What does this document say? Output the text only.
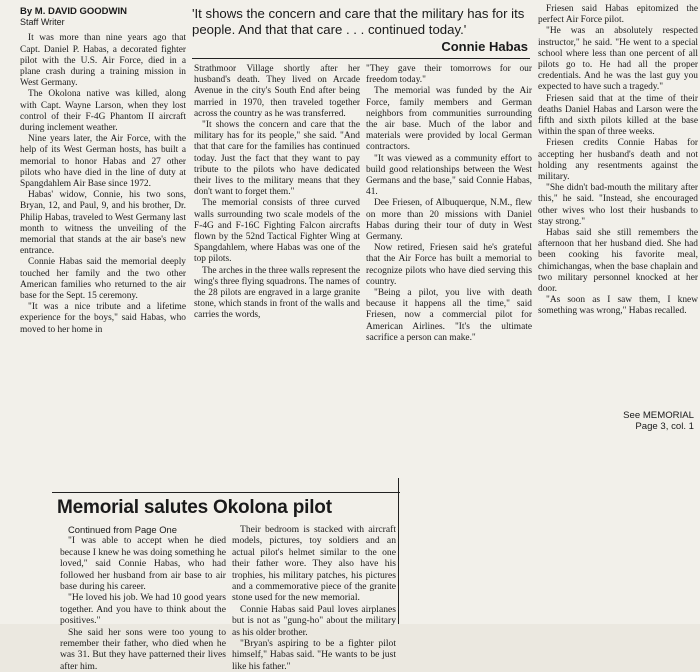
By M. DAVID GOODWIN

Staff Writer

It was more than nine years ago that Capt. Daniel P. Habas, a decorated fighter pilot with the U.S. Air Force, died in a plane crash during a training mission in West Germany.

The Okolona native was killed, along with Capt. Wayne Larson, when they lost control of their F-4G Phantom II aircraft during inclement weather.

Nine years later, the Air Force, with the help of its West German hosts, has built a memorial to honor Habas and 27 other pilots who have died in the line of duty at Spangdahlem Air Base since 1972.

Habas' widow, Connie, his two sons, Bryan, 12, and Paul, 9, and his brother, Dr. Philip Habas, traveled to West Germany last month to witness the unveiling of the memorial that stands at the air base's new entrance.

Connie Habas said the memorial deeply touched her family and the two other American families who returned to the air base for the Sept. 15 ceremony.

"It was a nice tribute and a lifetime experience for the boys," said Habas, who moved to her home in

'It shows the concern and care that the military has for its people. And that that care . . . continued today.'

Connie Habas

Strathmoor Village shortly after her husband's death. They lived on Arcade Avenue in the city's South End after being married in 1970, then traveled together across the country as he was transferred.

"It shows the concern and care that the military has for its people," she said. "And that that care for the families has continued today. Just the fact that they want to pay tribute to the pilots who have dedicated their lives to the military means that they don't want to forget them."

The memorial consists of three curved walls surrounding two scale models of the F-4G and F-16C Fighting Falcon aircrafts flown by the 52nd Tactical Fighter Wing at Spangdahlem, where Habas was one of the top pilots.

The arches in the three walls represent the wing's three flying squadrons. The names of the 28 pilots are engraved in a large granite stone, which stands in front of the walls and carries the words,

"They gave their tomorrows for our freedom today."

The memorial was funded by the Air Force, family members and German neighbors from communities surrounding the air base. Much of the labor and materials were provided by local German contractors.

"It was viewed as a community effort to build good relationships between the West Germans and the base," said Connie Habas, 41.

Dee Friesen, of Albuquerque, N.M., flew on more than 20 missions with Daniel Habas during their tour of duty in West Germany.

Now retired, Friesen said he's grateful that the Air Force has built a memorial to recognize pilots who have died serving this country.

"Being a pilot, you live with death because it happens all the time," said Friesen, now a commercial pilot for American Airlines. "It's the ultimate sacrifice a person can make."

Friesen said Habas epitomized the perfect Air Force pilot.

"He was an absolutely respected instructor," he said. "He went to a special school where less than one percent of all pilots go to. He had all the proper credentials. And he was the last guy you expected to have such a tragedy."

Friesen said that at the time of their deaths Daniel Habas and Larson were the fifth and sixth pilots killed at the base within the span of three weeks.

Friesen credits Connie Habas for accepting her husband's death and not holding any resentments against the military.

"She didn't bad-mouth the military after this," he said. "Instead, she encouraged other wives who lost their husbands to stay strong."

Habas said she still remembers the afternoon that her husband died. She had been cooking his favorite meal, chimichangas, when the base chaplain and two military personnel knocked at her door.

"As soon as I saw them, I knew something was wrong," Habas recalled.

See MEMORIAL
Page 3, col. 1
Memorial salutes Okolona pilot

Continued from Page One

"I was able to accept when he died because I knew he was doing something he loved," said Connie Habas, who had followed her husband from air base to air base during his career.

"He loved his job. We had 10 good years together. And you have to think about the positives."

She said her sons were too young to remember their father, who died when he was 31. But they have patterned their lives after him.

Their bedroom is stacked with aircraft models, pictures, toy soldiers and an actual pilot's helmet similar to the one their father wore. They also have his trophies, his military patches, his pictures and a commemorative piece of the granite stone used for the new memorial.

Connie Habas said Paul loves airplanes but is not as "gung-ho" about the military as his older brother.

"Bryan's aspiring to be a fighter pilot himself," Habas said. "He wants to be just like his father."
